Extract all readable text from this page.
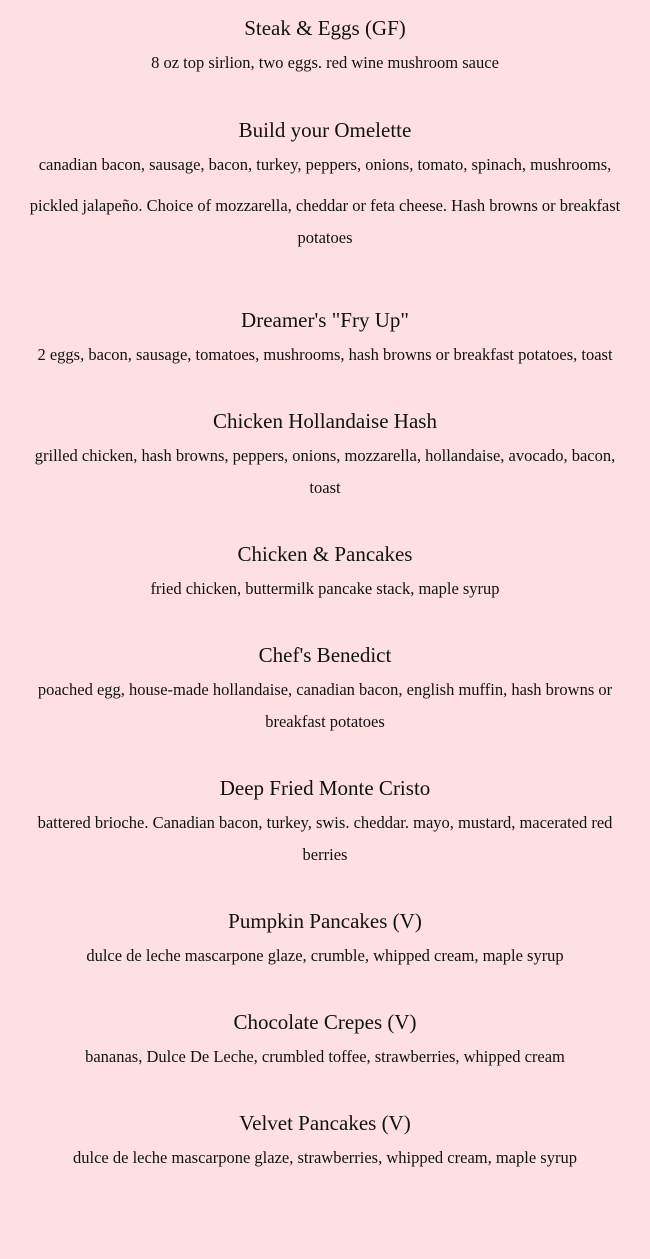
Steak & Eggs (GF)

8 oz top sirlion, two eggs. red wine mushroom sauce

Build your Omelette

canadian bacon, sausage, bacon, turkey, peppers, onions, tomato, spinach, mushrooms,

pickled jalapeño. Choice of mozzarella, cheddar or feta cheese. Hash browns or breakfast potatoes

Dreamer's "Fry Up"

2 eggs, bacon, sausage, tomatoes, mushrooms, hash browns or breakfast potatoes, toast

Chicken Hollandaise Hash

grilled chicken, hash browns, peppers, onions, mozzarella, hollandaise, avocado, bacon, toast

Chicken & Pancakes

fried chicken, buttermilk pancake stack, maple syrup

Chef's Benedict

poached egg, house-made hollandaise, canadian bacon, english muffin, hash browns or breakfast potatoes

Deep Fried Monte Cristo

battered brioche. Canadian bacon, turkey, swis. cheddar. mayo, mustard, macerated red berries

Pumpkin Pancakes (V)

dulce de leche mascarpone glaze, crumble, whipped cream, maple syrup

Chocolate Crepes (V)

bananas, Dulce De Leche, crumbled toffee, strawberries, whipped cream

Velvet Pancakes (V)

dulce de leche mascarpone glaze, strawberries, whipped cream, maple syrup
